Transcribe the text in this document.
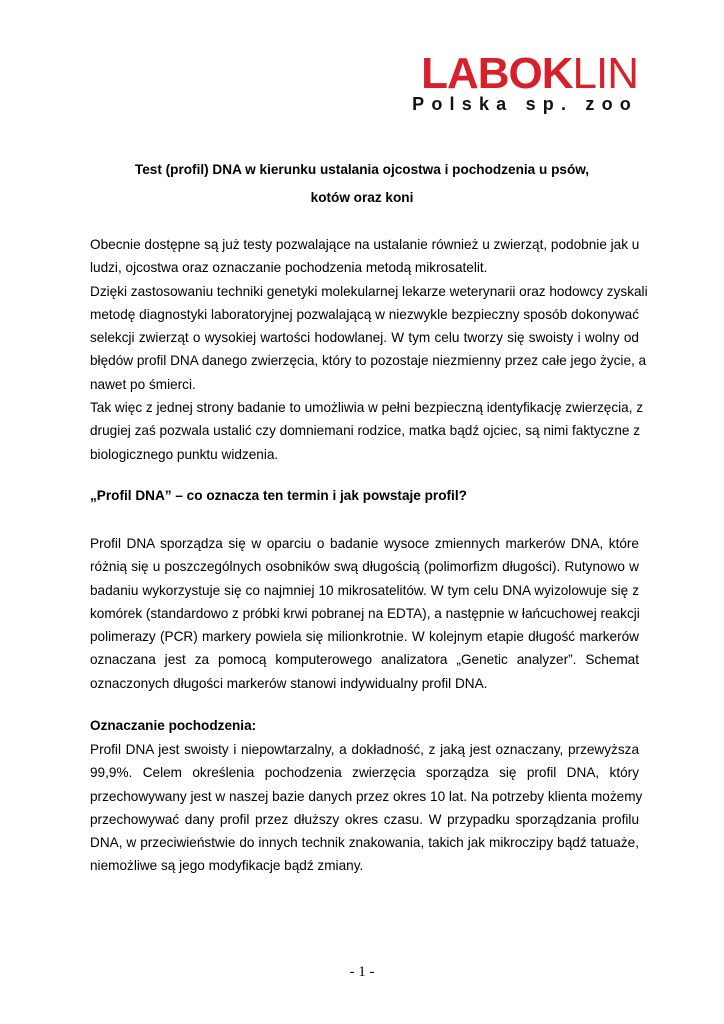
LABOKLIN
Polska sp. zoo
Test (profil) DNA w kierunku ustalania ojcostwa i pochodzenia u psów,
kotów oraz koni
Obecnie dostępne są już testy pozwalające na ustalanie również u zwierząt, podobnie jak u
ludzi, ojcostwa oraz oznaczanie pochodzenia metodą mikrosatelit.
Dzięki zastosowaniu techniki genetyki molekularnej lekarze weterynarii oraz hodowcy zyskali
metodę diagnostyki laboratoryjnej pozwalającą w niezwykle bezpieczny sposób dokonywać
selekcji zwierząt o wysokiej wartości hodowlanej. W tym celu tworzy się swoisty i wolny od
błędów profil DNA danego zwierzęcia, który to pozostaje niezmienny przez całe jego życie, a
nawet po śmierci.
Tak więc z jednej strony badanie to umożliwia w pełni bezpieczną identyfikację zwierzęcia, z
drugiej zaś pozwala ustalić czy domniemani rodzice, matka bądź ojciec, są nimi faktyczne z
biologicznego punktu widzenia.
„Profil DNA” – co oznacza ten termin i jak powstaje profil?
Profil DNA sporządza się w oparciu o badanie wysoce zmiennych markerów DNA, które
różnią się u poszczególnych osobników swą długością (polimorfizm długości). Rutynowo w
badaniu wykorzystuje się co najmniej 10 mikrosatelitów. W tym celu DNA wyizolowuje się z
komórek (standardowo z próbki krwi pobranej na EDTA), a następnie w łańcuchowej reakcji
polimerazy (PCR) markery powiela się milionkrotnie. W kolejnym etapie długość markerów
oznaczana jest za pomocą komputerowego analizatora „Genetic analyzer”. Schemat
oznaczonych długości markerów stanowi indywidualny profil DNA.
Oznaczanie pochodzenia:
Profil DNA jest swoisty i niepowtarzalny, a dokładność, z jaką jest oznaczany, przewyższa
99,9%. Celem określenia pochodzenia zwierzęcia sporządza się profil DNA, który
przechowywany jest w naszej bazie danych przez okres 10 lat. Na potrzeby klienta możemy
przechowywać dany profil przez dłuższy okres czasu. W przypadku sporządzania profilu
DNA, w przeciwieństwie do innych technik znakowania, takich jak mikroczipy bądź tatuaże,
niemożliwe są jego modyfikacje bądź zmiany.
- 1 -
